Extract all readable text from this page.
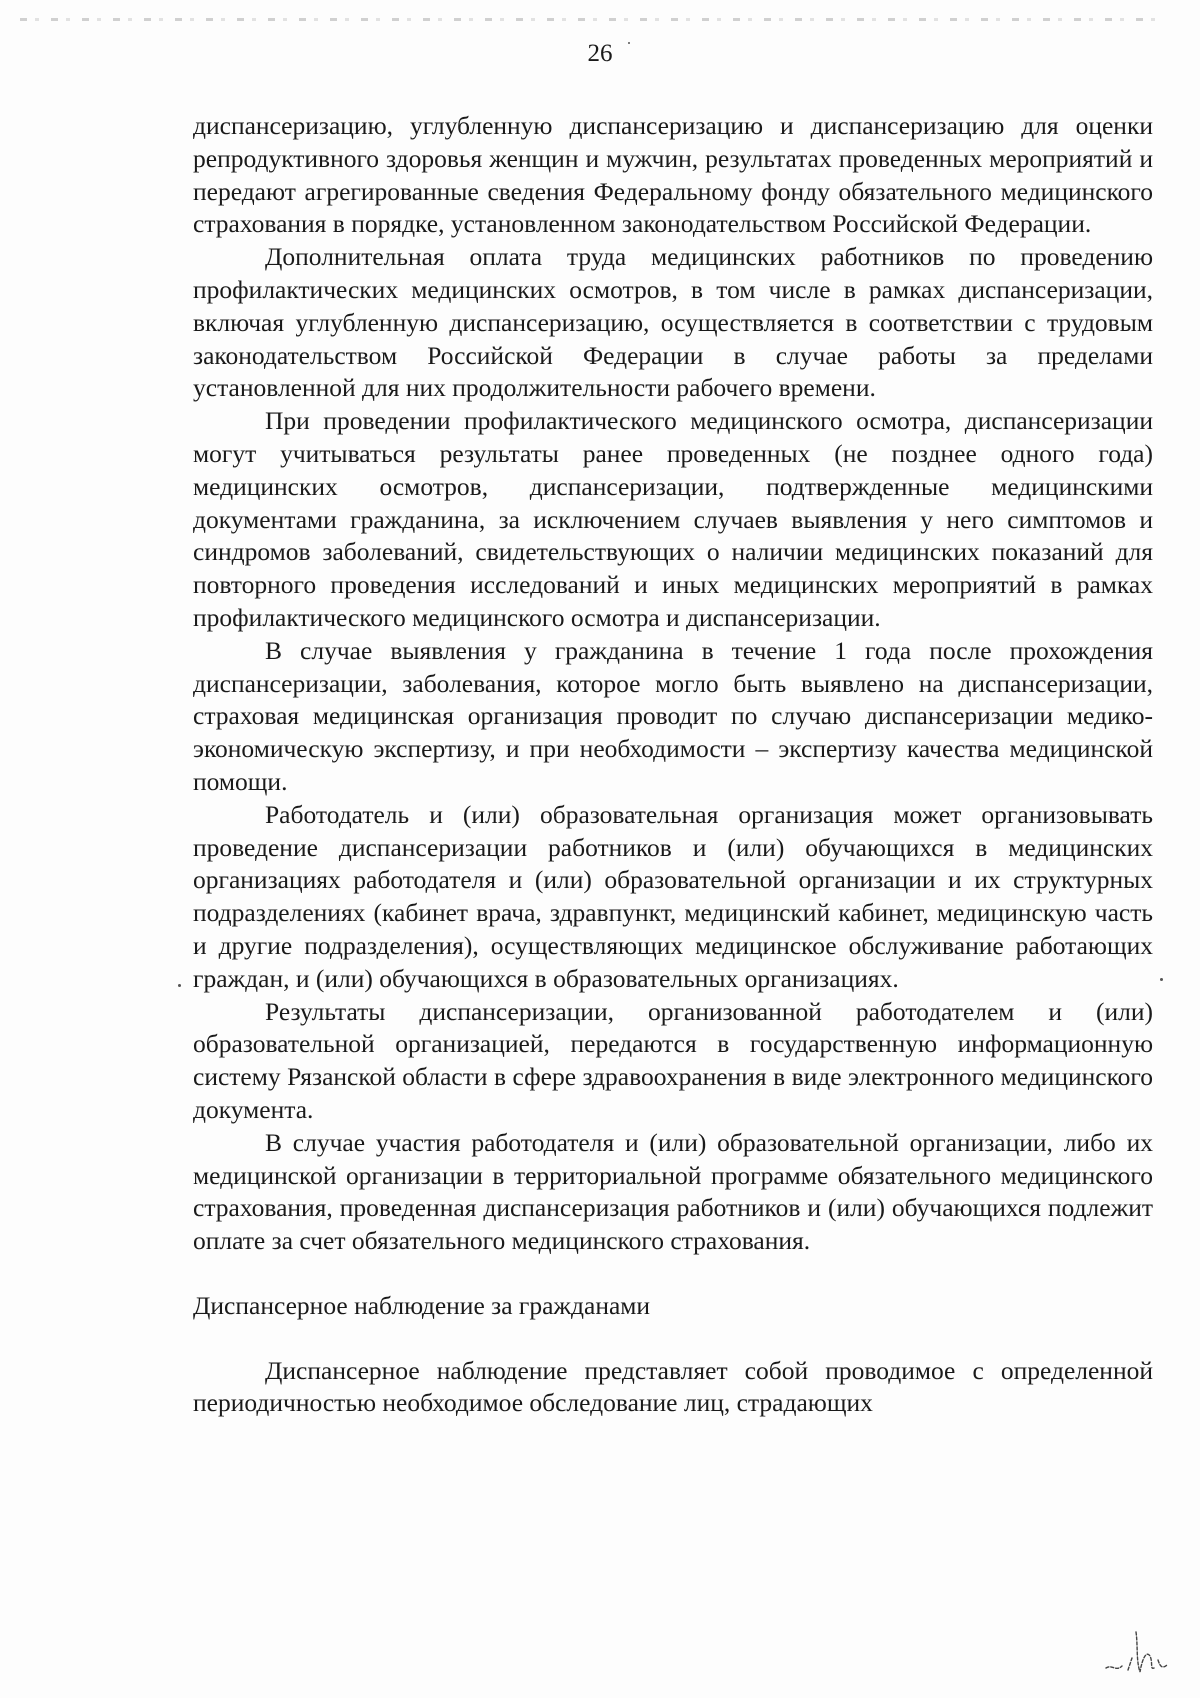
26

диспансеризацию, углубленную диспансеризацию и диспансеризацию для оценки репродуктивного здоровья женщин и мужчин, результатах проведенных мероприятий и передают агрегированные сведения Федеральному фонду обязательного медицинского страхования в порядке, установленном законодательством Российской Федерации.

Дополнительная оплата труда медицинских работников по проведению профилактических медицинских осмотров, в том числе в рамках диспансеризации, включая углубленную диспансеризацию, осуществляется в соответствии с трудовым законодательством Российской Федерации в случае работы за пределами установленной для них продолжительности рабочего времени.

При проведении профилактического медицинского осмотра, диспансеризации могут учитываться результаты ранее проведенных (не позднее одного года) медицинских осмотров, диспансеризации, подтвержденные медицинскими документами гражданина, за исключением случаев выявления у него симптомов и синдромов заболеваний, свидетельствующих о наличии медицинских показаний для повторного проведения исследований и иных медицинских мероприятий в рамках профилактического медицинского осмотра и диспансеризации.

В случае выявления у гражданина в течение 1 года после прохождения диспансеризации, заболевания, которое могло быть выявлено на диспансеризации, страховая медицинская организация проводит по случаю диспансеризации медико-экономическую экспертизу, и при необходимости – экспертизу качества медицинской помощи.

Работодатель и (или) образовательная организация может организовывать проведение диспансеризации работников и (или) обучающихся в медицинских организациях работодателя и (или) образовательной организации и их структурных подразделениях (кабинет врача, здравпункт, медицинский кабинет, медицинскую часть и другие подразделения), осуществляющих медицинское обслуживание работающих граждан, и (или) обучающихся в образовательных организациях.

Результаты диспансеризации, организованной работодателем и (или) образовательной организацией, передаются в государственную информационную систему Рязанской области в сфере здравоохранения в виде электронного медицинского документа.

В случае участия работодателя и (или) образовательной организации, либо их медицинской организации в территориальной программе обязательного медицинского страхования, проведенная диспансеризация работников и (или) обучающихся подлежит оплате за счет обязательного медицинского страхования.

Диспансерное наблюдение за гражданами

Диспансерное наблюдение представляет собой проводимое с определенной периодичностью необходимое обследование лиц, страдающих
